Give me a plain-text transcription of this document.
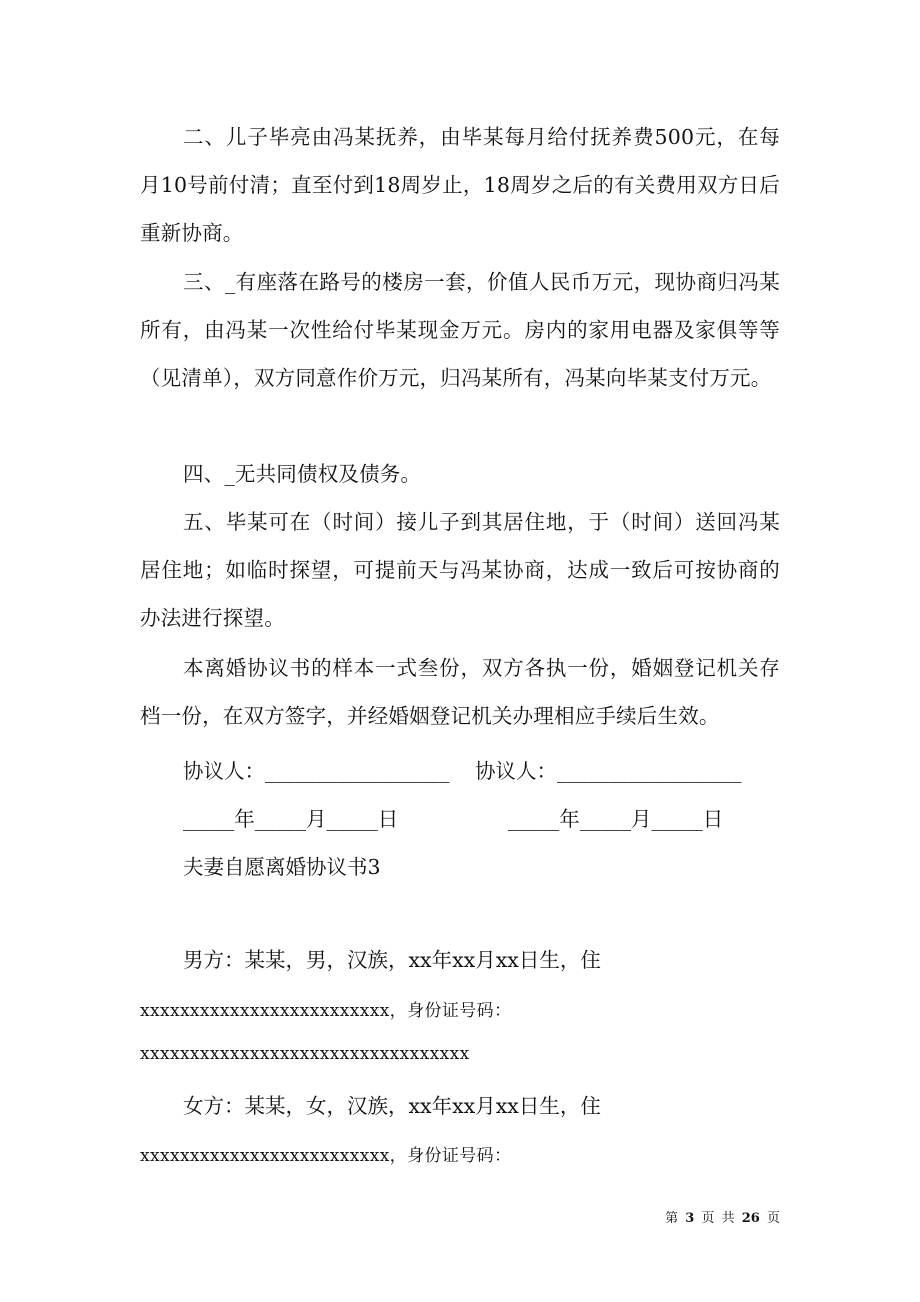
二、儿子毕亮由冯某抚养，由毕某每月给付抚养费500元，在每月10号前付清；直至付到18周岁止，18周岁之后的有关费用双方日后重新协商。

三、_有座落在路号的楼房一套，价值人民币万元，现协商归冯某所有，由冯某一次性给付毕某现金万元。房内的家用电器及家俱等等（见清单），双方同意作价万元，归冯某所有，冯某向毕某支付万元。

四、_无共同债权及债务。

五、毕某可在（时间）接儿子到其居住地，于（时间）送回冯某居住地；如临时探望，可提前天与冯某协商，达成一致后可按协商的办法进行探望。

本离婚协议书的样本一式叁份，双方各执一份，婚姻登记机关存档一份，在双方签字，并经婚姻登记机关办理相应手续后生效。

协议人：__________________ 协议人：__________________
_____年_____月_____日	_____年_____月_____日
夫妻自愿离婚协议书3
男方：某某，男，汉族，xx年xx月xx日生，住
xxxxxxxxxxxxxxxxxxxxxxxxx，身份证号码：
xxxxxxxxxxxxxxxxxxxxxxxxxxxxxxxxx
女方：某某，女，汉族，xx年xx月xx日生，住
xxxxxxxxxxxxxxxxxxxxxxxxx，身份证号码：
第 3 页 共 26 页
